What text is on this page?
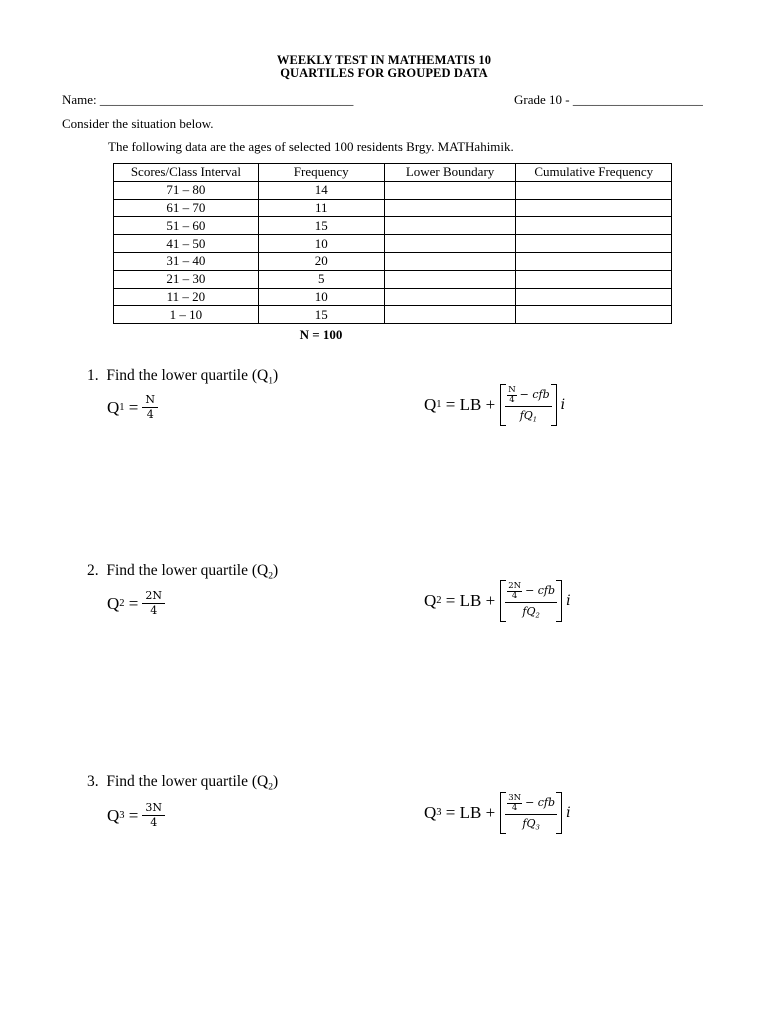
WEEKLY TEST IN MATHEMATIS 10
QUARTILES FOR GROUPED DATA
Name: _______________________________________	Grade 10 - ____________________
Consider the situation below.
The following data are the ages of selected 100 residents Brgy. MATHahimik.
Scores/Class Interval	Frequency	Lower Boundary	Cumulative Frequency
71 – 80	14		
61 – 70	11		
51 – 60	15		
41 – 50	10		
31 – 40	20		
21 – 30	5		
11 – 20	10		
1 – 10	15		
N = 100
1. Find the lower quartile $(Q_1)$
Q $1 = \frac{N}{4}$	Q 1
= LB + $\frac{N}{4}$ − cfb
$fQ_1$
i
2. Find the lower quartile $(Q_2)$
Q $2 = \frac{2N}{4}$	Q 2
= LB + $\frac{2N}{4}$ − cfb
$fQ_2$
i
3. Find the lower quartile $(Q_2)$
Q $3 = \frac{3N}{4}$	Q 3
= LB + $\frac{3N}{4}$ − cfb
$fQ_3$
i
